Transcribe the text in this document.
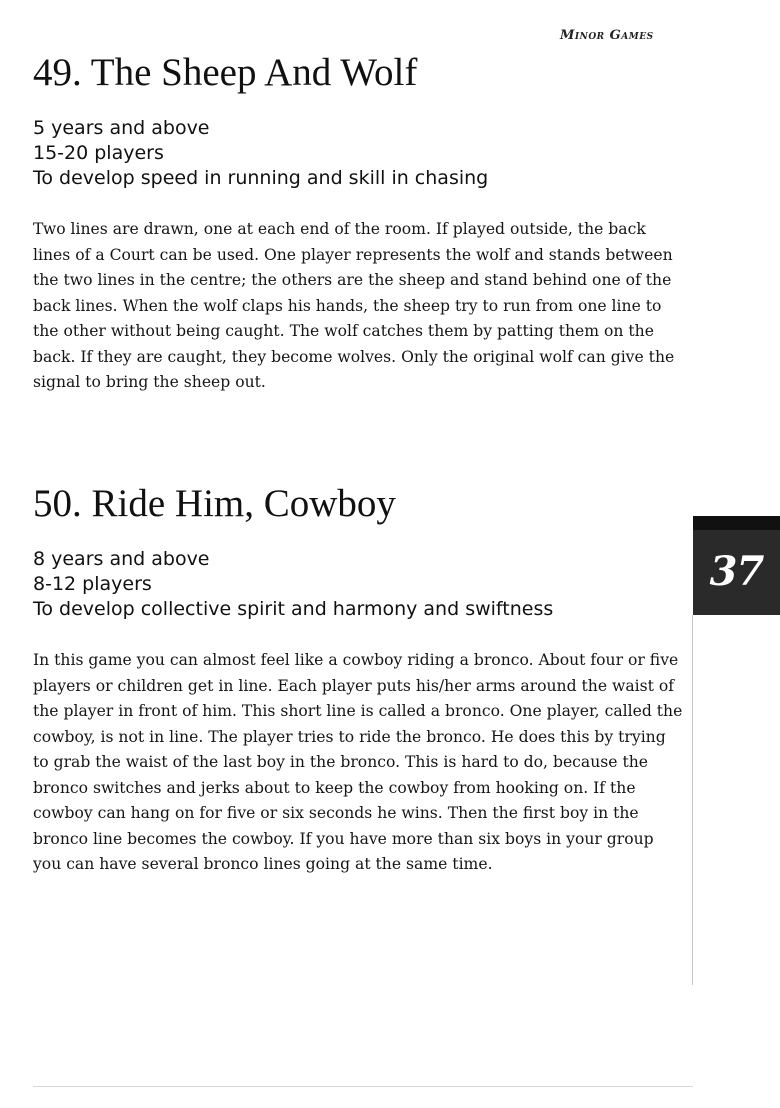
Minor Games
49. The Sheep And Wolf
5 years and above
15-20 players
To develop speed in running and skill in chasing

Two lines are drawn, one at each end of the room. If played outside, the back lines of a Court can be used. One player represents the wolf and stands between the two lines in the centre; the others are the sheep and stand behind one of the back lines. When the wolf claps his hands, the sheep try to run from one line to the other without being caught. The wolf catches them by patting them on the back. If they are caught, they become wolves. Only the original wolf can give the signal to bring the sheep out.

50. Ride Him, Cowboy
8 years and above
8-12 players
To develop collective spirit and harmony and swiftness

In this game you can almost feel like a cowboy riding a bronco. About four or five players or children get in line. Each player puts his/her arms around the waist of the player in front of him. This short line is called a bronco. One player, called the cowboy, is not in line. The player tries to ride the bronco. He does this by trying to grab the waist of the last boy in the bronco. This is hard to do, because the bronco switches and jerks about to keep the cowboy from hooking on. If the cowboy can hang on for five or six seconds he wins. Then the first boy in the bronco line becomes the cowboy. If you have more than six boys in your group you can have several bronco lines going at the same time.

37
